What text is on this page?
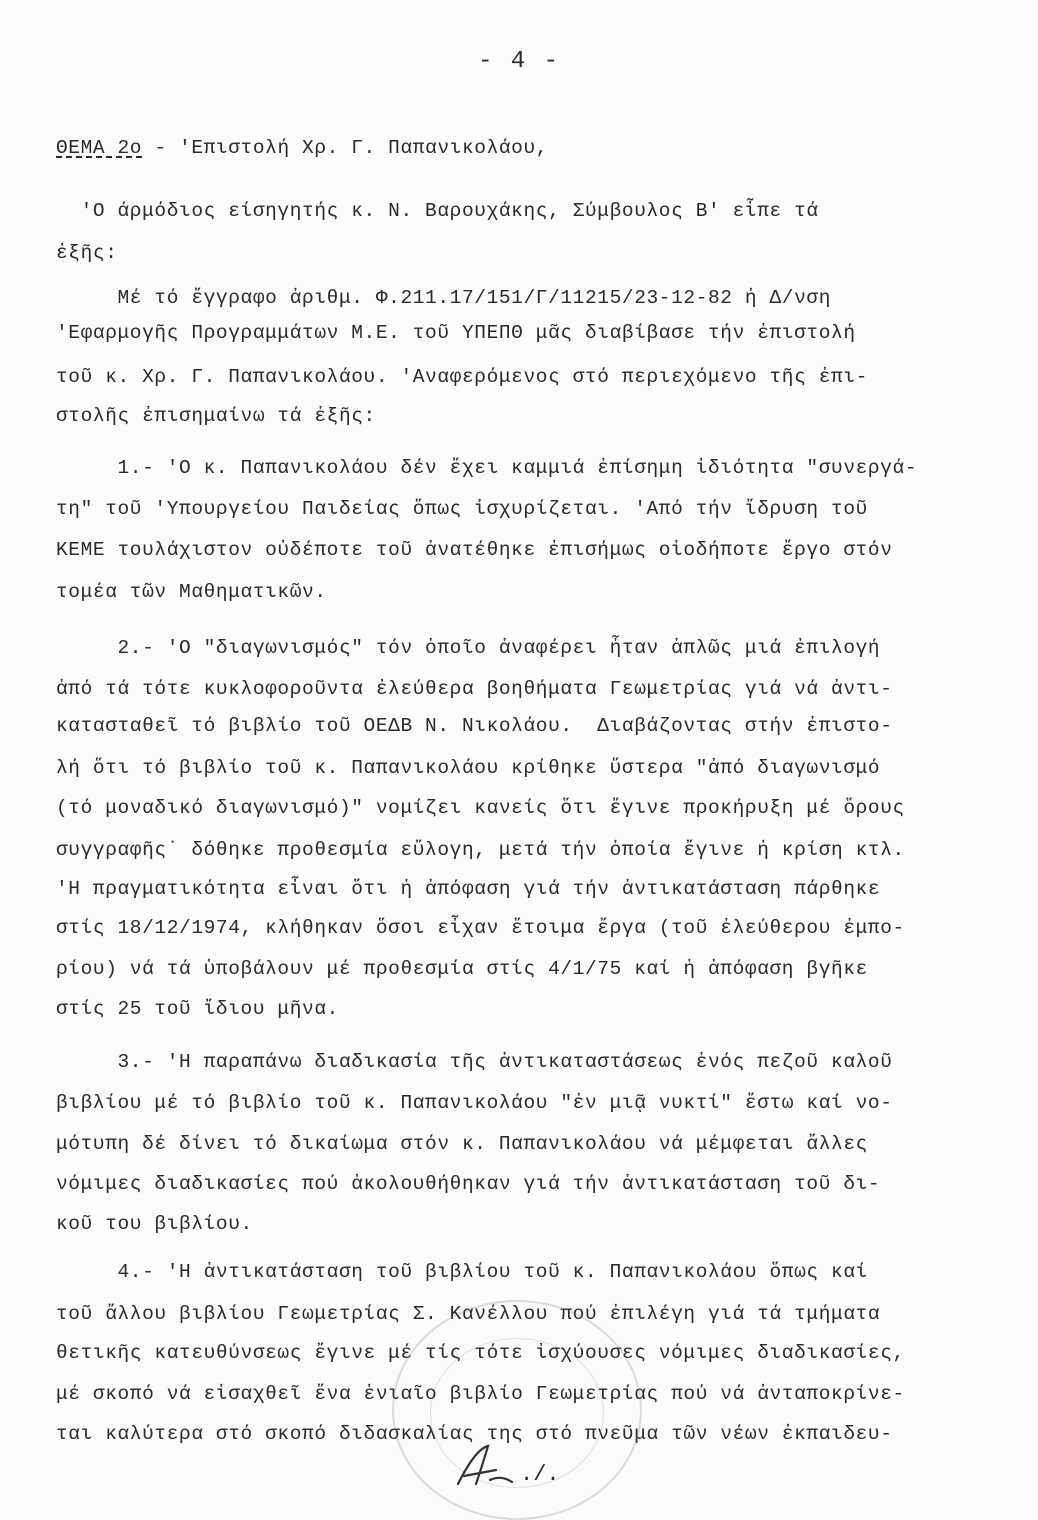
- 4 -
ΘΕΜΑ 2ο - 'Επιστολή Χρ. Γ. Παπανικολάου,
'Ο άρμόδιος είσηγητής κ. Ν. Βαρουχάκης, Σύμβουλος Β' εἶπε τά
ἐξῆς:
Μέ τό ἔγγραφο ἀριθμ. Φ.211.17/151/Γ/11215/23-12-82 ἡ Δ/νση
'Εφαρμογῆς Προγραμμάτων Μ.Ε. τοῦ ΥΠΕΠΘ μᾶς διαβίβασε τήν ἐπιστολή
τοῦ κ. Χρ. Γ. Παπανικολάου. 'Αναφερόμενος στό περιεχόμενο τῆς ἐπι-
στολῆς ἐπισημαίνω τά ἐξῆς:
1.- 'Ο κ. Παπανικολάου δέν ἔχει καμμιά ἐπίσημη ἰδιότητα "συνεργά-
τη" τοῦ 'Υπουργείου Παιδείας ὅπως ἰσχυρίζεται. 'Από τήν ἵδρυση τοῦ
ΚΕΜΕ τουλάχιστον οὐδέποτε τοῦ ἀνατέθηκε ἐπισήμως οἱοδήποτε ἔργο στόν
τομέα τῶν Μαθηματικῶν.
2.- 'Ο "διαγωνισμός" τόν ὁποῖο ἀναφέρει ἦταν ἁπλῶς μιά ἐπιλογή
ἀπό τά τότε κυκλοφοροῦντα ἐλεύθερα βοηθήματα Γεωμετρίας γιά νά ἀντι-
κατασταθεῖ τό βιβλίο τοῦ ΟΕΔΒ Ν. Νικολάου.  Διαβάζοντας στήν ἐπιστο-
λή ὅτι τό βιβλίο τοῦ κ. Παπανικολάου κρίθηκε ὕστερα "ἀπό διαγωνισμό
(τό μοναδικό διαγωνισμό)" νομίζει κανείς ὅτι ἔγινε προκήρυξη μέ ὅρους
συγγραφῆς˙ δόθηκε προθεσμία εὔλογη, μετά τήν ὁποία ἔγινε ἡ κρίση κτλ.
'Η πραγματικότητα εἶναι ὅτι ἡ ἀπόφαση γιά τήν ἀντικατάσταση πάρθηκε
στίς 18/12/1974, κλήθηκαν ὅσοι εἶχαν ἕτοιμα ἔργα (τοῦ ἐλεύθερου ἐμπο-
ρίου) νά τά ὑποβάλουν μέ προθεσμία στίς 4/1/75 καί ἡ ἀπόφαση βγῆκε
στίς 25 τοῦ ἴδιου μῆνα.
3.- 'Η παραπάνω διαδικασία τῆς ἀντικαταστάσεως ἑνός πεζοῦ καλοῦ
βιβλίου μέ τό βιβλίο τοῦ κ. Παπανικολάου "ἐν μιᾷ νυκτί" ἔστω καί νο-
μότυπη δέ δίνει τό δικαίωμα στόν κ. Παπανικολάου νά μέμφεται ἄλλες
νόμιμες διαδικασίες πού ἀκολουθήθηκαν γιά τήν ἀντικατάσταση τοῦ δι-
κοῦ του βιβλίου.
4.- 'Η ἀντικατάσταση τοῦ βιβλίου τοῦ κ. Παπανικολάου ὅπως καί
τοῦ ἄλλου βιβλίου Γεωμετρίας Σ. Κανέλλου πού ἐπιλέγη γιά τά τμήματα
θετικῆς κατευθύνσεως ἔγινε μέ τίς τότε ἰσχύουσες νόμιμες διαδικασίες,
μέ σκοπό νά εἰσαχθεῖ ἕνα ἑνιαῖο βιβλίο Γεωμετρίας πού νά ἀνταποκρίνε-
ται καλύτερα στό σκοπό διδασκαλίας της στό πνεῦμα τῶν νέων ἐκπαιδευ-
./.
